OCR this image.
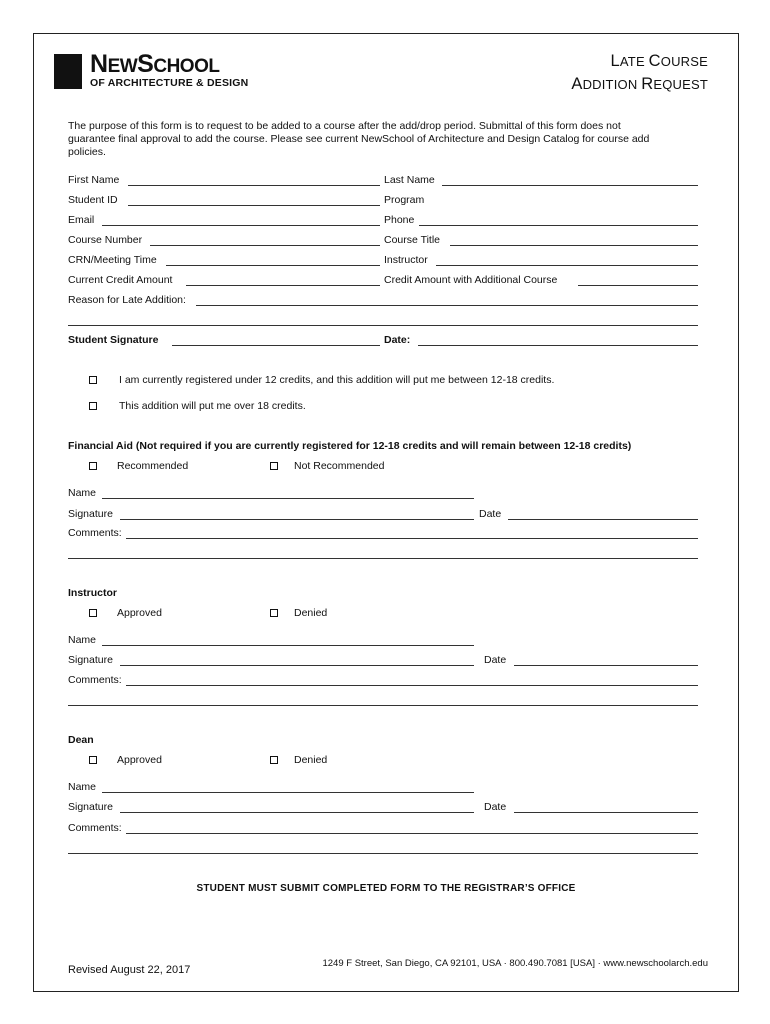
NEWSCHOOL
OF ARCHITECTURE & DESIGN
LATE COURSE
ADDITION REQUEST
The purpose of this form is to request to be added to a course after the add/drop period. Submittal of this form does not
guarantee final approval to add the course. Please see current NewSchool of Architecture and Design Catalog for course add
policies.
First Name	Last Name
Student ID	Program
Email	Phone
Course Number	Course Title
CRN/Meeting Time	Instructor
Current Credit Amount	Credit Amount with Additional Course
Reason for Late Addition:
Student Signature	Date:
I am currently registered under 12 credits, and this addition will put me between 12-18 credits.
This addition will put me over 18 credits.
Financial Aid (Not required if you are currently registered for 12-18 credits and will remain between 12-18 credits)
Recommended	Not Recommended
Name
Signature	Date
Comments:
Instructor
Approved	Denied
Name
Signature	Date
Comments:
Dean
Approved	Denied
Name
Signature	Date
Comments:
STUDENT MUST SUBMIT COMPLETED FORM TO THE REGISTRAR’S OFFICE
Revised August 22, 2017
1249 F Street, San Diego, CA 92101, USA · 800.490.7081 [USA] · www.newschoolarch.edu
